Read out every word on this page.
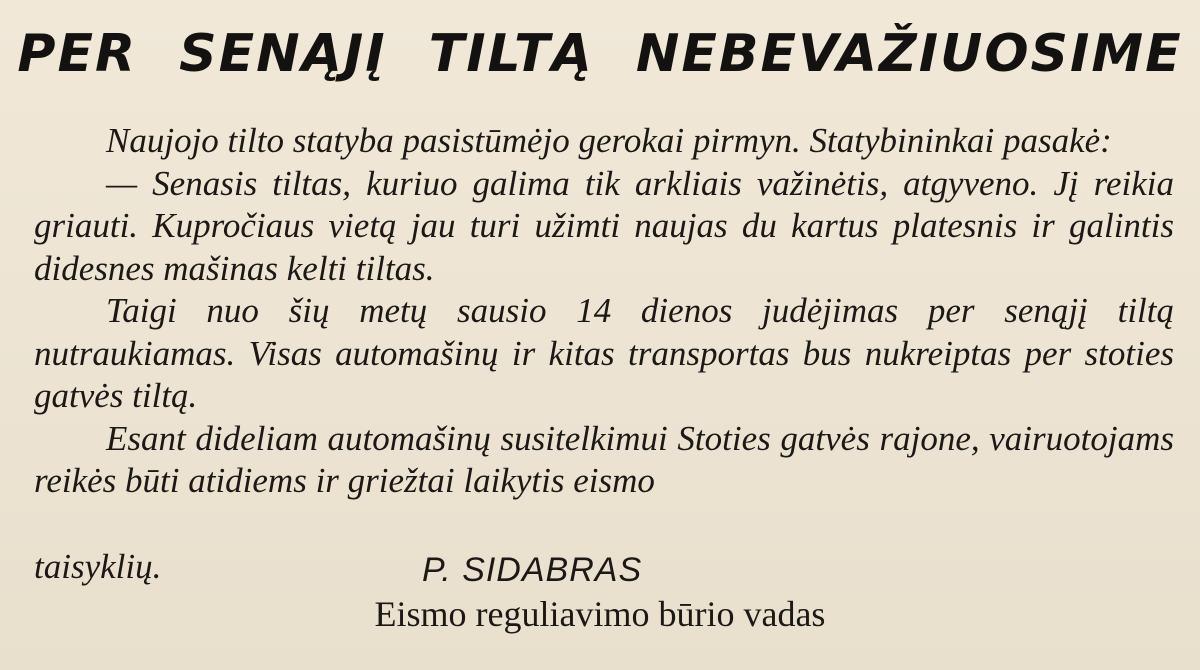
PER SENĄJĮ TILTĄ NEBEVAŽIUOSIME

Naujojo tilto statyba pasistūmėjo gerokai pirmyn. Statybininkai pasakė:

— Senasis tiltas, kuriuo galima tik arkliais važinėtis, atgyveno. Jį reikia griauti. Kupročiaus vietą jau turi užimti naujas du kartus platesnis ir galintis didesnes mašinas kelti tiltas.

Taigi nuo šių metų sausio 14 dienos judėjimas per senąjį tiltą nutraukiamas. Visas automašinų ir kitas transportas bus nukreiptas per stoties gatvės tiltą.

Esant dideliam automašinų susitelkimui Stoties gatvės rajone, vairuotojams reikės būti atidiems ir griežtai laikytis eismo

taisyklių.	P. SIDABRAS
Eismo reguliavimo būrio vadas
